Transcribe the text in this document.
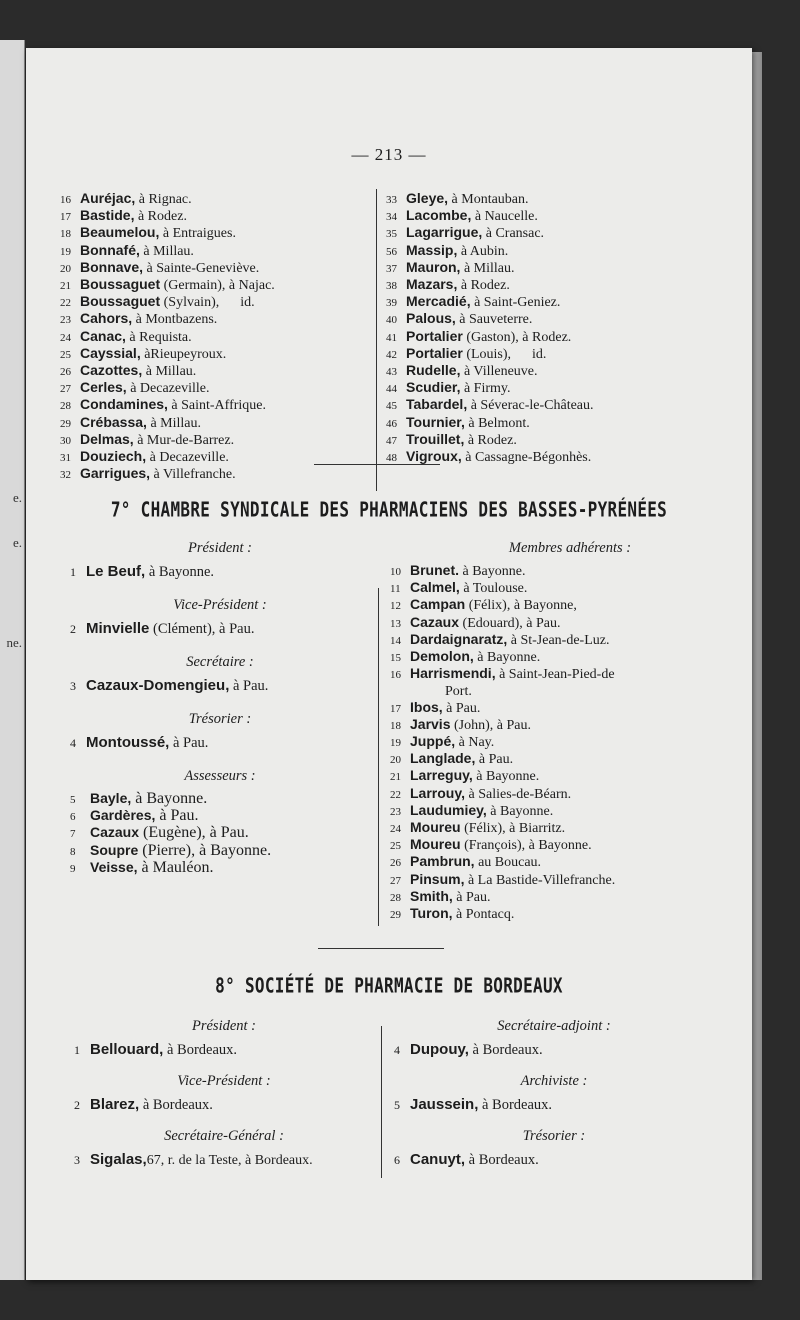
e.
e.
ne.
— 213 —
16 Auréjac, à Rignac.
17 Bastide, à Rodez.
18 Beaumelou, à Entraigues.
19 Bonnafé, à Millau.
20 Bonnave, à Sainte-Geneviève.
21 Boussaguet (Germain), à Najac.
22 Boussaguet (Sylvain),      id.
23 Cahors, à Montbazens.
24 Canac, à Requista.
25 Cayssial, àRieupeyroux.
26 Cazottes, à Millau.
27 Cerles, à Decazeville.
28 Condamines, à Saint-Affrique.
29 Crébassa, à Millau.
30 Delmas, à Mur-de-Barrez.
31 Douziech, à Decazeville.
32 Garrigues, à Villefranche.
33 Gleye, à Montauban.
34 Lacombe, à Naucelle.
35 Lagarrigue, à Cransac.
56 Massip, à Aubin.
37 Mauron, à Millau.
38 Mazars, à Rodez.
39 Mercadié, à Saint-Geniez.
40 Palous, à Sauveterre.
41 Portalier (Gaston), à Rodez.
42 Portalier (Louis),      id.
43 Rudelle, à Villeneuve.
44 Scudier, à Firmy.
45 Tabardel, à Séverac-le-Château.
46 Tournier, à Belmont.
47 Trouillet, à Rodez.
48 Vigroux, à Cassagne-Bégonhès.
7° CHAMBRE SYNDICALE DES PHARMACIENS DES BASSES-PYRÉNÉES
Président :
1 Le Beuf, à Bayonne.
Vice-Président :
2 Minvielle (Clément), à Pau.
Secrétaire :
3 Cazaux-Domengieu, à Pau.
Trésorier :
4 Montoussé, à Pau.
Assesseurs :
5 Bayle, à Bayonne.
6 Gardères, à Pau.
7 Cazaux (Eugène), à Pau.
8 Soupre (Pierre), à Bayonne.
9 Veisse, à Mauléon.
Membres adhérents :
10 Brunet. à Bayonne.
11 Calmel, à Toulouse.
12 Campan (Félix), à Bayonne,
13 Cazaux (Edouard), à Pau.
14 Dardaignaratz, à St-Jean-de-Luz.
15 Demolon, à Bayonne.
16 Harrismendi, à Saint-Jean-Pied-de
Port.
17 Ibos, à Pau.
18 Jarvis (John), à Pau.
19 Juppé, à Nay.
20 Langlade, à Pau.
21 Larreguy, à Bayonne.
22 Larrouy, à Salies-de-Béarn.
23 Laudumiey, à Bayonne.
24 Moureu (Félix), à Biarritz.
25 Moureu (François), à Bayonne.
26 Pambrun, au Boucau.
27 Pinsum, à La Bastide-Villefranche.
28 Smith, à Pau.
29 Turon, à Pontacq.
8° SOCIÉTÉ DE PHARMACIE DE BORDEAUX
Président :
1 Bellouard, à Bordeaux.
Vice-Président :
2 Blarez, à Bordeaux.
Secrétaire-Général :
3 Sigalas,67, r. de la Teste, à Bordeaux.
Secrétaire-adjoint :
4 Dupouy, à Bordeaux.
Archiviste :
5 Jaussein, à Bordeaux.
Trésorier :
6 Canuyt, à Bordeaux.
